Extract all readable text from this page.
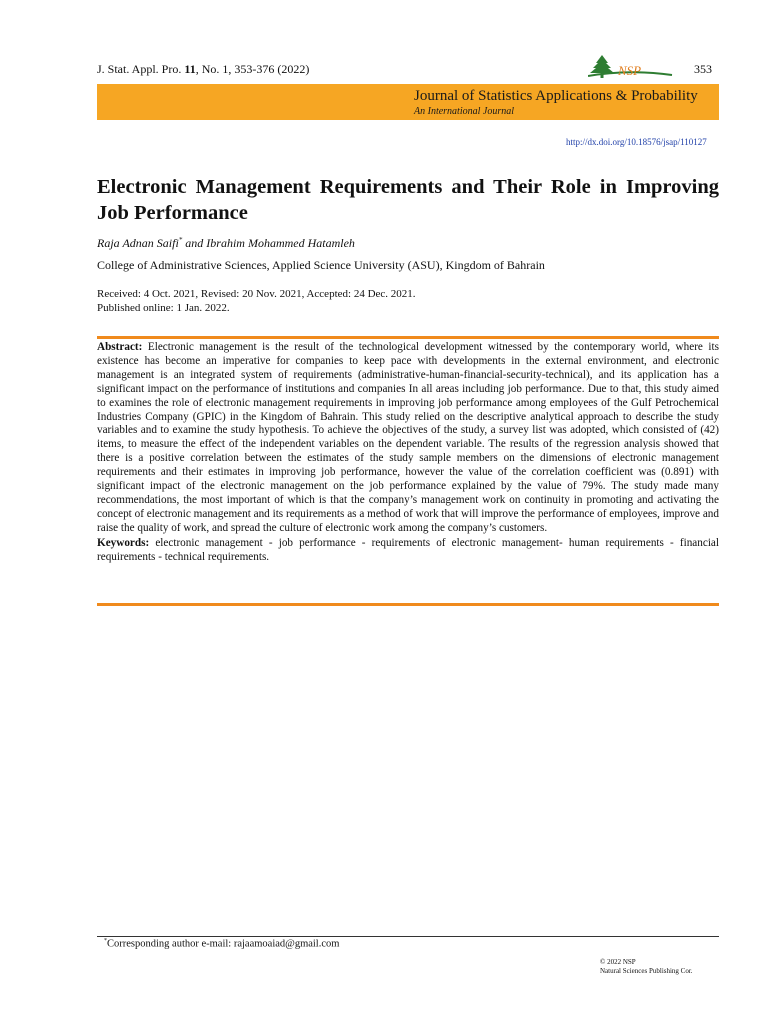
J. Stat. Appl. Pro. 11, No. 1, 353-376 (2022)	NSP	353
Journal of Statistics Applications & Probability
An International Journal
http://dx.doi.org/10.18576/jsap/110127
Electronic Management Requirements and Their Role in Improving Job Performance
Raja Adnan Saifi* and Ibrahim Mohammed Hatamleh
College of Administrative Sciences, Applied Science University (ASU), Kingdom of Bahrain
Received: 4 Oct. 2021, Revised: 20 Nov. 2021, Accepted: 24 Dec. 2021.
Published online: 1 Jan. 2022.
Abstract: Electronic management is the result of the technological development witnessed by the contemporary world, where its existence has become an imperative for companies to keep pace with developments in the external environment, and electronic management is an integrated system of requirements (administrative-human-financial-security-technical), and its application has a significant impact on the performance of institutions and companies In all areas including job performance. Due to that, this study aimed to examines the role of electronic management requirements in improving job performance among employees of the Gulf Petrochemical Industries Company (GPIC) in the Kingdom of Bahrain. This study relied on the descriptive analytical approach to describe the study variables and to examine the study hypothesis. To achieve the objectives of the study, a survey list was adopted, which consisted of (42) items, to measure the effect of the independent variables on the dependent variable. The results of the regression analysis showed that there is a positive correlation between the estimates of the study sample members on the dimensions of electronic management requirements and their estimates in improving job performance, however the value of the correlation coefficient was (0.891) with significant impact of the electronic management on the job performance explained by the value of 79%. The study made many recommendations, the most important of which is that the company’s management work on continuity in promoting and activating the concept of electronic management and its requirements as a method of work that will improve the performance of employees, improve and raise the quality of work, and spread the culture of electronic work among the company’s customers.
Keywords: electronic management - job performance - requirements of electronic management- human requirements - financial requirements - technical requirements.
*Corresponding author e-mail: rajaamoaiad@gmail.com
© 2022 NSP
Natural Sciences Publishing Cor.
